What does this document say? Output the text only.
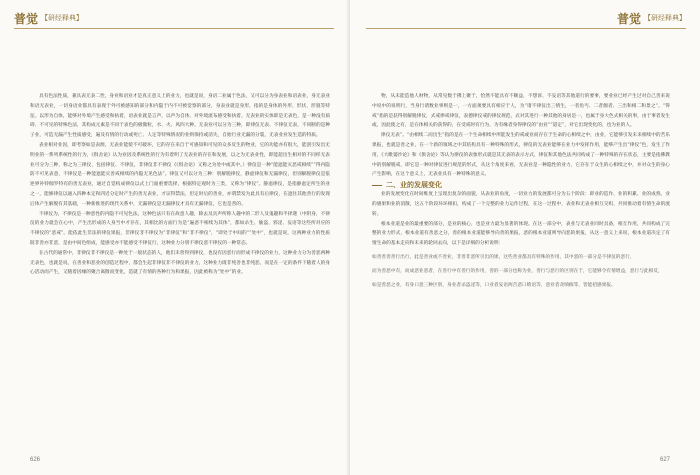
普觉 【研经释典】

具有色法性质，兼具表无表二性，身业和语业才是真正意义上的业力，也就是说，身语二业属于色法，又可以分为身表业和语表业，身无表业和语无表业，一切身语业都具有表现于外可被感知的部分和内隐于内不可被觉察的部分，身表业就是身形，指的是身体的外形、形状、形貌等特征。以形为自体，能够对外境产生感受和执着，语表业就是言声，以声为自体，对外境流布感受和执着。无表业的实体即是无表色，是一种没有质碍、不可见的特殊色法，其构成元素是不同于表色的极微粒，水、火、风四大种。无表业可以分为三种，即律仪无表、不律仪无表，不同断的是种子业，可造无漏产生性质感受，遍及有情的行动或死亡、人定等特殊情况的业则保持或消失，自始行业无漏的分裂，无表业业发生造的特质。

表业相对业因，即考察如是表源，无表业能使不可破坏，它的存在来自于可感知和可见的众多反生的物业，它的功能亦有很大，能剖引发出无明业的一系列系统性的行为，《俱舍论》认为业因及系统性的行为有着明了无表业的存在和发展，以之为无表业性，即能超出生相对的不同样无表业可分为三种，称之为三律仪，包括律仪、不律仪，非律仪非不律仪《《俱舍论》又称之为处中或其中。）律仪是一种“能遮能灭恶戒相续”“得内隐防不可见表意，不律仪是一种能遮能灭善戒相续的内隐无见色法”。律仪又可以分为三种：别解脱律仪，静虑律仪和无漏律仪，但别解脱律仪是依逆界补特伽罗特有的善无表业，通过自觉构成律仪以式上门面重要选择，根据特定观时为三类，又称为“律仪”。静虑律仪，是指静虑定所生的业之一，能修律仪以通入四种本定和四近分定时产生的善无表业，才证得禁法，但定时后的善业，亦谓禁发为此具有后律仪，在遮住其他善行的发现后体产生解脱有其基础，一种新推进的现代关系中，无漏律仪是无漏律仪才具有无漏律仪，它也是善的。

不律仪为，不律仪是一种恶性的内隐不可见色法，这种色法只有在故意人趣，除去及具声所称人趣中的二形人及鬼趣和半择迦（中阴身，不律仪的业力就会在心中，产生出形成的人身当中才存在，其相比的方面行为是“遍恶不相续为其体”，都如杀生、偷盗、邪淫、妄语等这些所对应的不律仪的“恶戒”。能依此生非法的律仪果报，非律仪非不律仪为“非律仪”和“非不律仪”，“即处于中间的”“处中”，也就是说，这两种业力的性质既非善亦非恶，是由中间色组成，能感受亦不能感受不律仪行，这种业力分别不律仪恶不律仪的一种常态。

在古代的通常中，非律仪非不律仪是一种处于一般状态的人，他们未曾得到律仪，也没有因恶行而形成不律仪的业力，这种业力分为善恶两种无表色，也就是说，在善业和恶业的创造过程中，都会生起非律仪非不律仪的业力，这种业力既非纯善也非纯恶，而是在一定的条件下随着人的身心活动而产生，又随着因缘的聚合离散而变化，造就了有情的各种行为和果报，因此被称为“处中”的业。

626
普觉 【研经释典】

物，从未能造他人财物，从常见数于佛上聚于，恰然不能具有不顺益，不想诉、不妄语等其他道行的要事，要业业已经产生过对自己善来说中说中的说明行，当身行诸数业事则是一，一方面须要具有相应于人，为“诸不律仪出三情生，一者鱼丐、二者伽者、三出和相二和景之”。“得戒”指的是获得别解脱律仪，式戒律戒律仪，表德律仪戒的律仪规范，式对其进行一种其他的身居是一，也属于身大色式相关的事，由于事者发生或，因此使之有，是在体相关的获得的，在受戒时有行为，为有缘者身得律仪的“由业”“道定”，对它出现变化的，也为业的人。

律仪无表”。“由相续二而出生”指的是在一个生命相续中所能发生的戒或业而存在于生命的心相续之中，由业，它能够引发未来相续中的苦乐果报，也就是善之业，在一个新的领域之中其结构具有一种特殊的形式，律仪的无表业能够在业力中发挥作用，能够产生出“律仪”色，发生了作用，《大毗婆沙论》和《俱舍论》等认为律仪的表象形式就是其无表的表示方式，律仪和其他色法共同构成了一种特殊的存在状态，主要是指佛教中的别解脱戒，即它是一种对律仪进行规范的形式，从这个角度来看，无表业是一种隐性的业力，它存在于众生的心相续之中，并对众生的身心产生影响，在这个意义上，无表业具有一种特殊的意义。

二、业的发展变化

业的发展变化在时间维度上呈现出复杂的面貌，从表业的角度，一切业力的发展都可分为五个阶段：即业的造作、业的积累、业的成熟、业的感果和业的消散，这五个阶段环环相扣，构成了一个完整的业力运作过程，在这一过程中，表业和无表业相互交织，共同推动着有情生命的流转。

根本业道是业的最重要的部分，是业的核心，也是业力最为显著的体现。在这一部分中，表业与无表业同时具备，相互作用，共同构成了完整的业力形式，根本业道有善恶之分，善的根本业道能够导向善的果报，恶的根本业道则导向恶的果报，从这一意义上来说，根本业道决定了有情生命的基本走向和未来的轮回去向，以下是详细的分析说明：

如善善善善行出行，此是善业或不善业，非善非恶所引出的果，这些善业都具有特殊的作用，其中恶的一部分是不律仪的恶行，
而为善恶中有，而成恶业恶者，在善行中有善行的作用，善的一部分也称为业，善行与恶行的区别在于，它能够令有情增益，恶行与此相反，
如是善恶之业，有身口意三种区别，身业者杀盗淫等，口业者妄语两舌恶口绮语等，意业者贪嗔痴等，皆能招感果报。
627
